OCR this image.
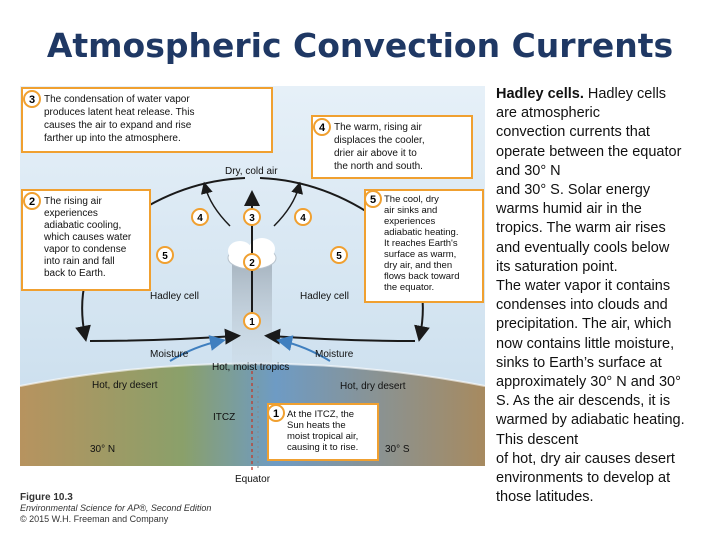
Atmospheric Convection Currents
3 The condensation of water vapor produces latent heat release. This causes the air to expand and rise farther up into the atmosphere.
4 The warm, rising air displaces the cooler, drier air above it to the north and south.
2 The rising air experiences adiabatic cooling, which causes water vapor to condense into rain and fall back to Earth.
5 The cool, dry air sinks and experiences adiabatic heating. It reaches Earth's surface as warm, dry air, and then flows back toward the equator.
1 At the ITCZ, the Sun heats the moist tropical air, causing it to rise.
4	3	4
5
2
5
1
Dry, cold air
Hadley cell	Hadley cell
Moisture	Moisture
Hot, moist tropics
Hot, dry desert	Hot, dry desert
ITCZ
30° N	30° S
Equator
Figure 10.3
Environmental Science for AP®, Second Edition
© 2015 W.H. Freeman and Company
Hadley cells. Hadley cells
are atmospheric
convection currents that
operate between the equator
and 30° N
and 30° S. Solar energy
warms humid air in the
tropics. The warm air rises
and eventually cools below
its saturation point.
The water vapor it contains
condenses into clouds and
precipitation. The air, which
now contains little moisture,
sinks to Earth’s surface at
approximately 30° N and 30°
S. As the air descends, it is
warmed by adiabatic heating.
This descent
of hot, dry air causes desert
environments to develop at
those latitudes.
